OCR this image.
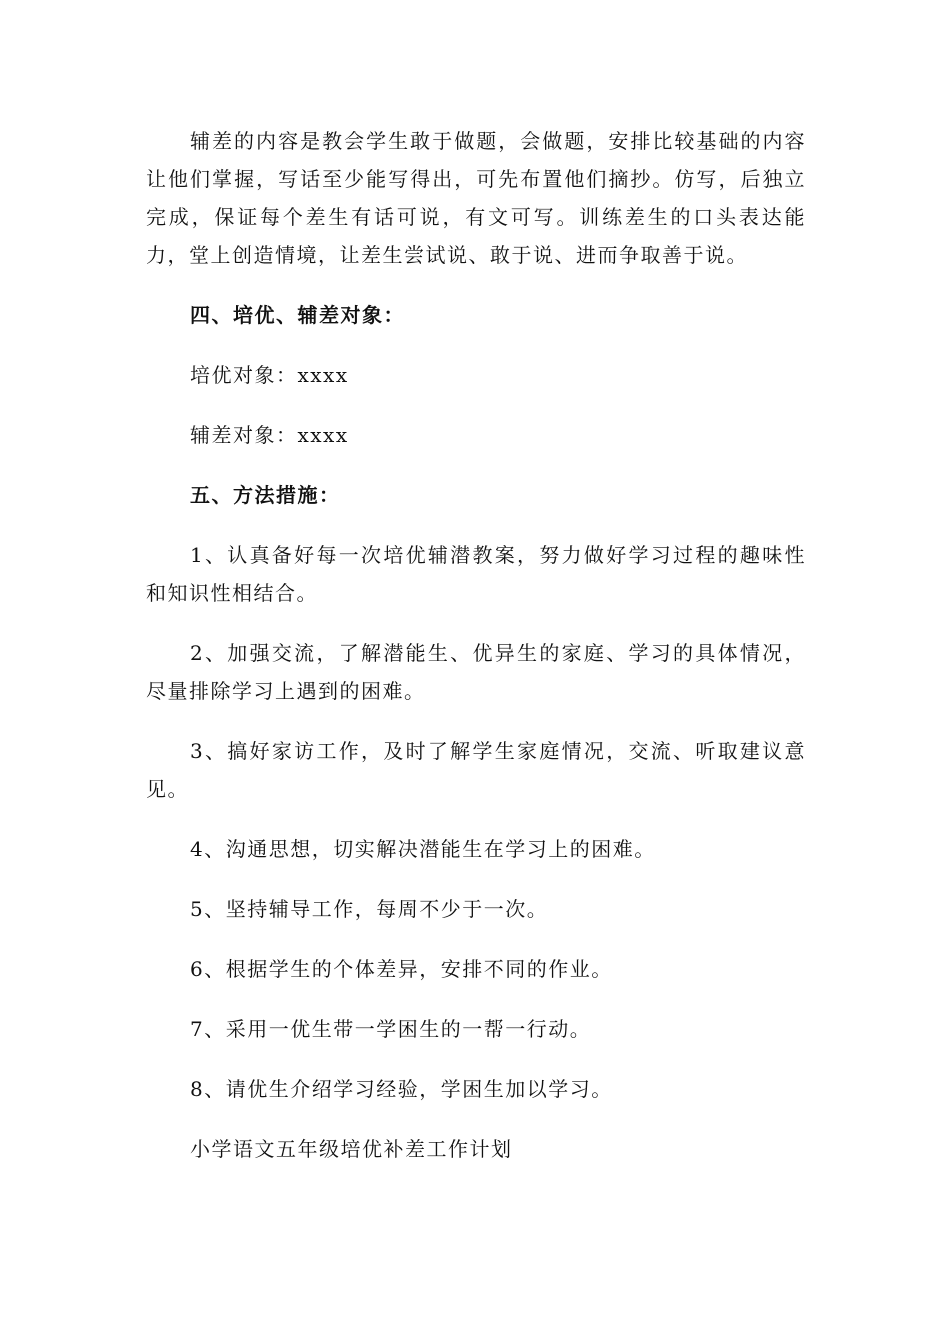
辅差的内容是教会学生敢于做题，会做题，安排比较基础的内容让他们掌握，写话至少能写得出，可先布置他们摘抄。仿写，后独立完成，保证每个差生有话可说，有文可写。训练差生的口头表达能力，堂上创造情境，让差生尝试说、敢于说、进而争取善于说。

四、培优、辅差对象：

培优对象：xxxx

辅差对象：xxxx

五、方法措施：

1、认真备好每一次培优辅潜教案，努力做好学习过程的趣味性和知识性相结合。

2、加强交流，了解潜能生、优异生的家庭、学习的具体情况，尽量排除学习上遇到的困难。

3、搞好家访工作，及时了解学生家庭情况，交流、听取建议意见。

4、沟通思想，切实解决潜能生在学习上的困难。

5、坚持辅导工作，每周不少于一次。

6、根据学生的个体差异，安排不同的作业。

7、采用一优生带一学困生的一帮一行动。

8、请优生介绍学习经验，学困生加以学习。

小学语文五年级培优补差工作计划
